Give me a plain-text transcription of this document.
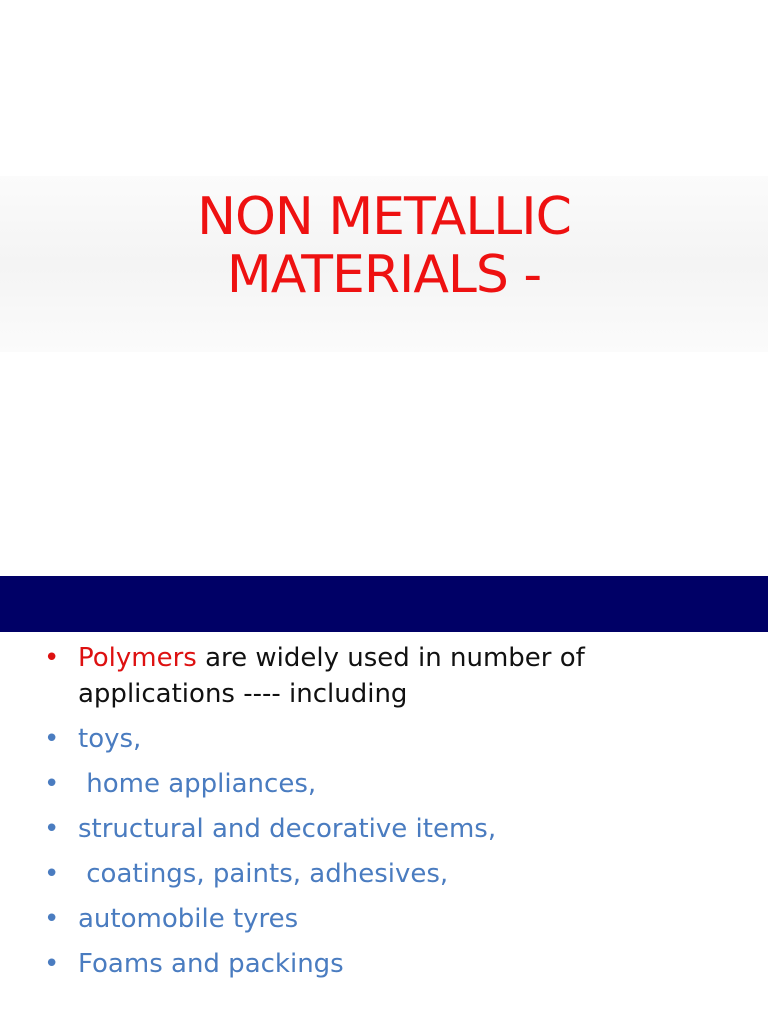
NON METALLIC
MATERIALS -
• Polymers are widely used in number of applications ---- including
• toys,
• home appliances,
• structural and decorative items,
• coatings, paints, adhesives,
• automobile tyres
• Foams and packings
